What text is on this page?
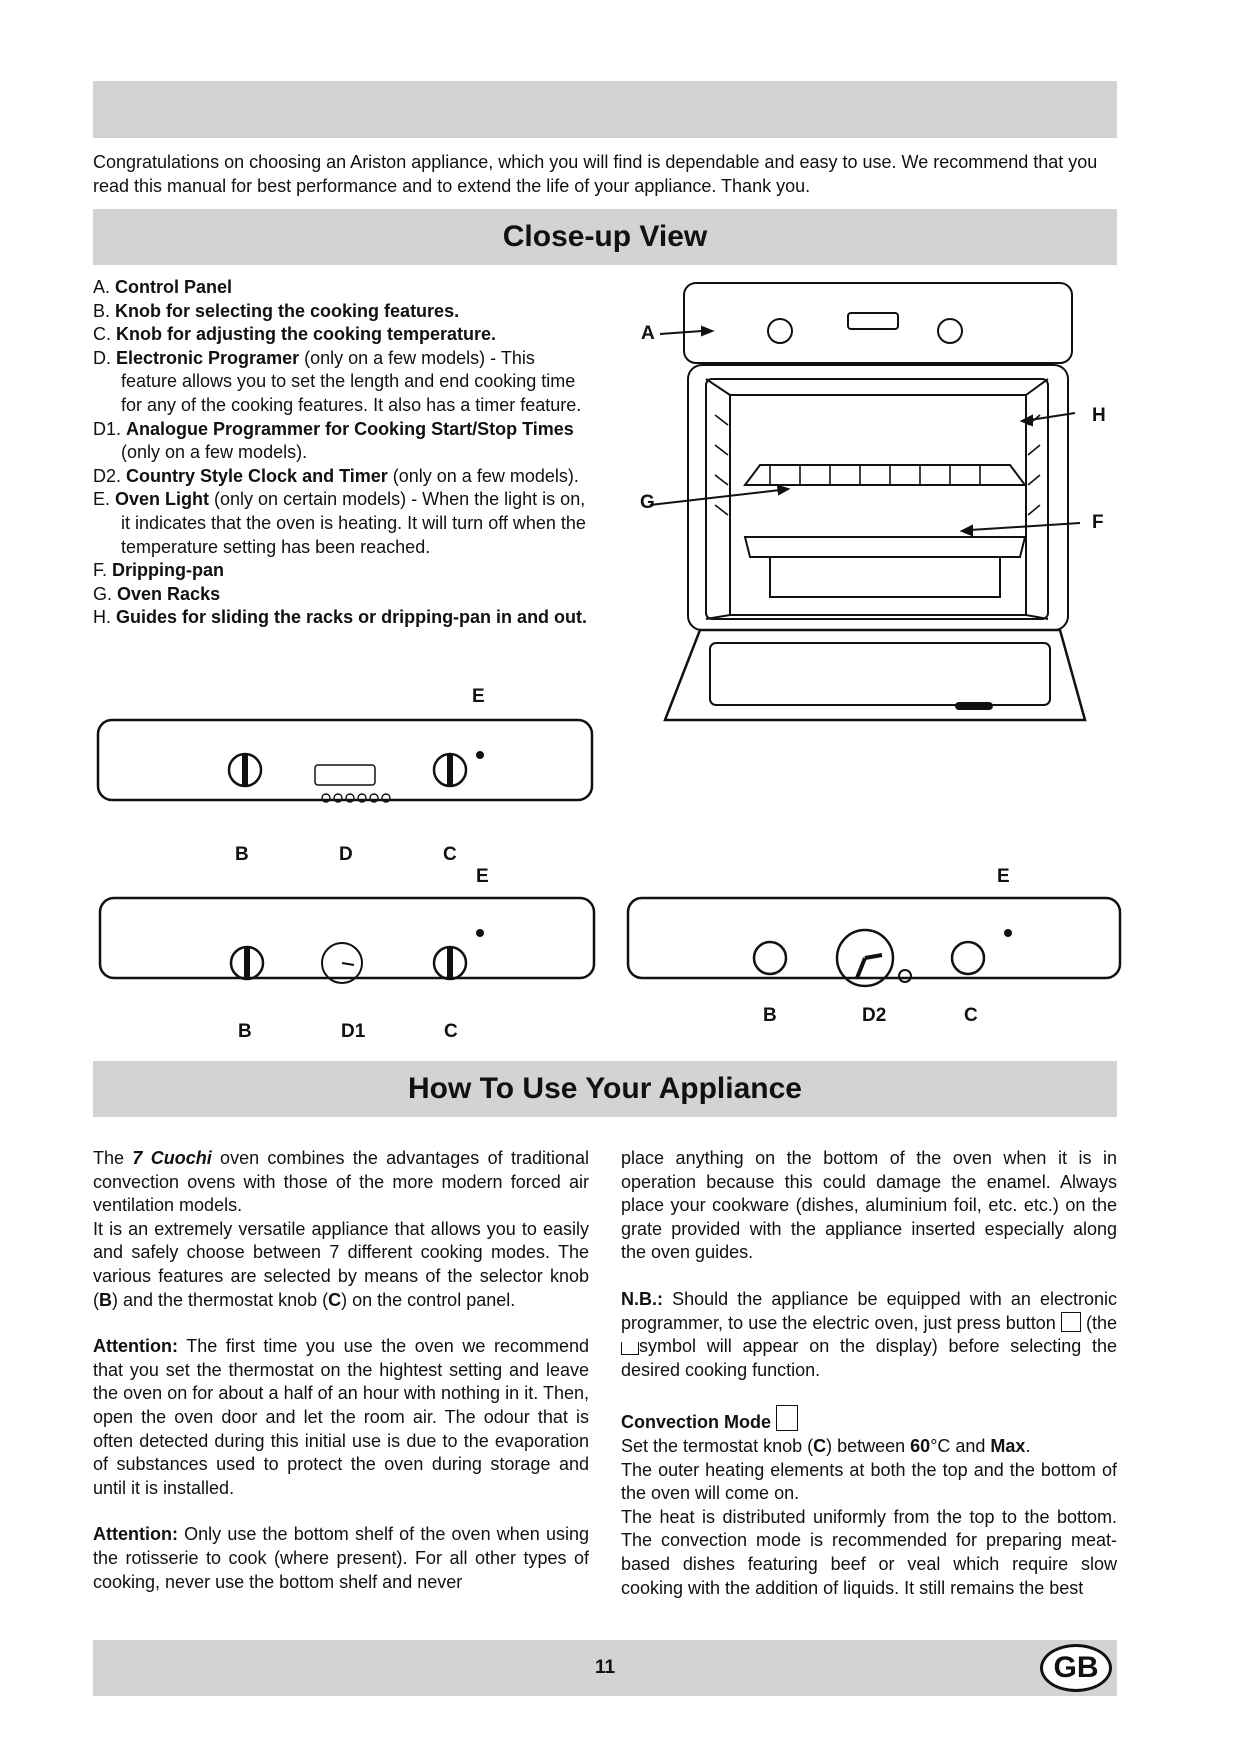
Congratulations on choosing an Ariston appliance, which you will find is dependable and easy to use. We recommend that you read this manual for best performance and to extend the life of your appliance. Thank you.
Close-up View
A. Control Panel
B. Knob for selecting the cooking features.
C. Knob for adjusting the cooking temperature.
D. Electronic Programer (only on a few models) - This feature allows you to set the length and end cooking time for any of the cooking features. It also has a timer feature.
D1. Analogue Programmer for Cooking Start/Stop Times (only on a few models).
D2. Country Style Clock and Timer (only on a few models).
E. Oven Light (only on certain models) - When the light is on, it indicates that the oven is heating. It will turn off when the temperature setting has been reached.
F. Dripping-pan
G. Oven Racks
H. Guides for sliding the racks or dripping-pan in and out.
A
G
H
F
E
B	D	C
E
B	D1	C
E
B	D2	C
How To Use Your Appliance

The 7 Cuochi oven combines the advantages of traditional convection ovens with those of the more modern forced air ventilation models.

It is an extremely versatile appliance that allows you to easily and safely choose between 7 different cooking modes. The various features are selected by means of the selector knob (B) and the thermostat knob (C) on the control panel.

Attention: The first time you use the oven we recommend that you set the thermostat on the hightest setting and leave the oven on for about a half of an hour with nothing in it. Then, open the oven door and let the room air. The odour that is often detected during this initial use is due to the evaporation of substances used to protect the oven during storage and until it is installed.

Attention: Only use the bottom shelf of the oven when using the rotisserie to cook (where present). For all other types of cooking, never use the bottom shelf and never

place anything on the bottom of the oven when it is in operation because this could damage the enamel. Always place your cookware (dishes, aluminium foil, etc. etc.) on the grate provided with the appliance inserted especially along the oven guides.

N.B.: Should the appliance be equipped with an electronic programmer, to use the electric oven, just press button  (the symbol will appear on the display) before selecting the desired cooking function.

Convection Mode
Set the termostat knob (C) between 60°C and Max.
The outer heating elements at both the top and the bottom of the oven will come on.
The heat is distributed uniformly from the top to the bottom. The convection mode is recommended for preparing meat-based dishes featuring beef or veal which require slow cooking with the addition of liquids. It still remains the best

11	GB
